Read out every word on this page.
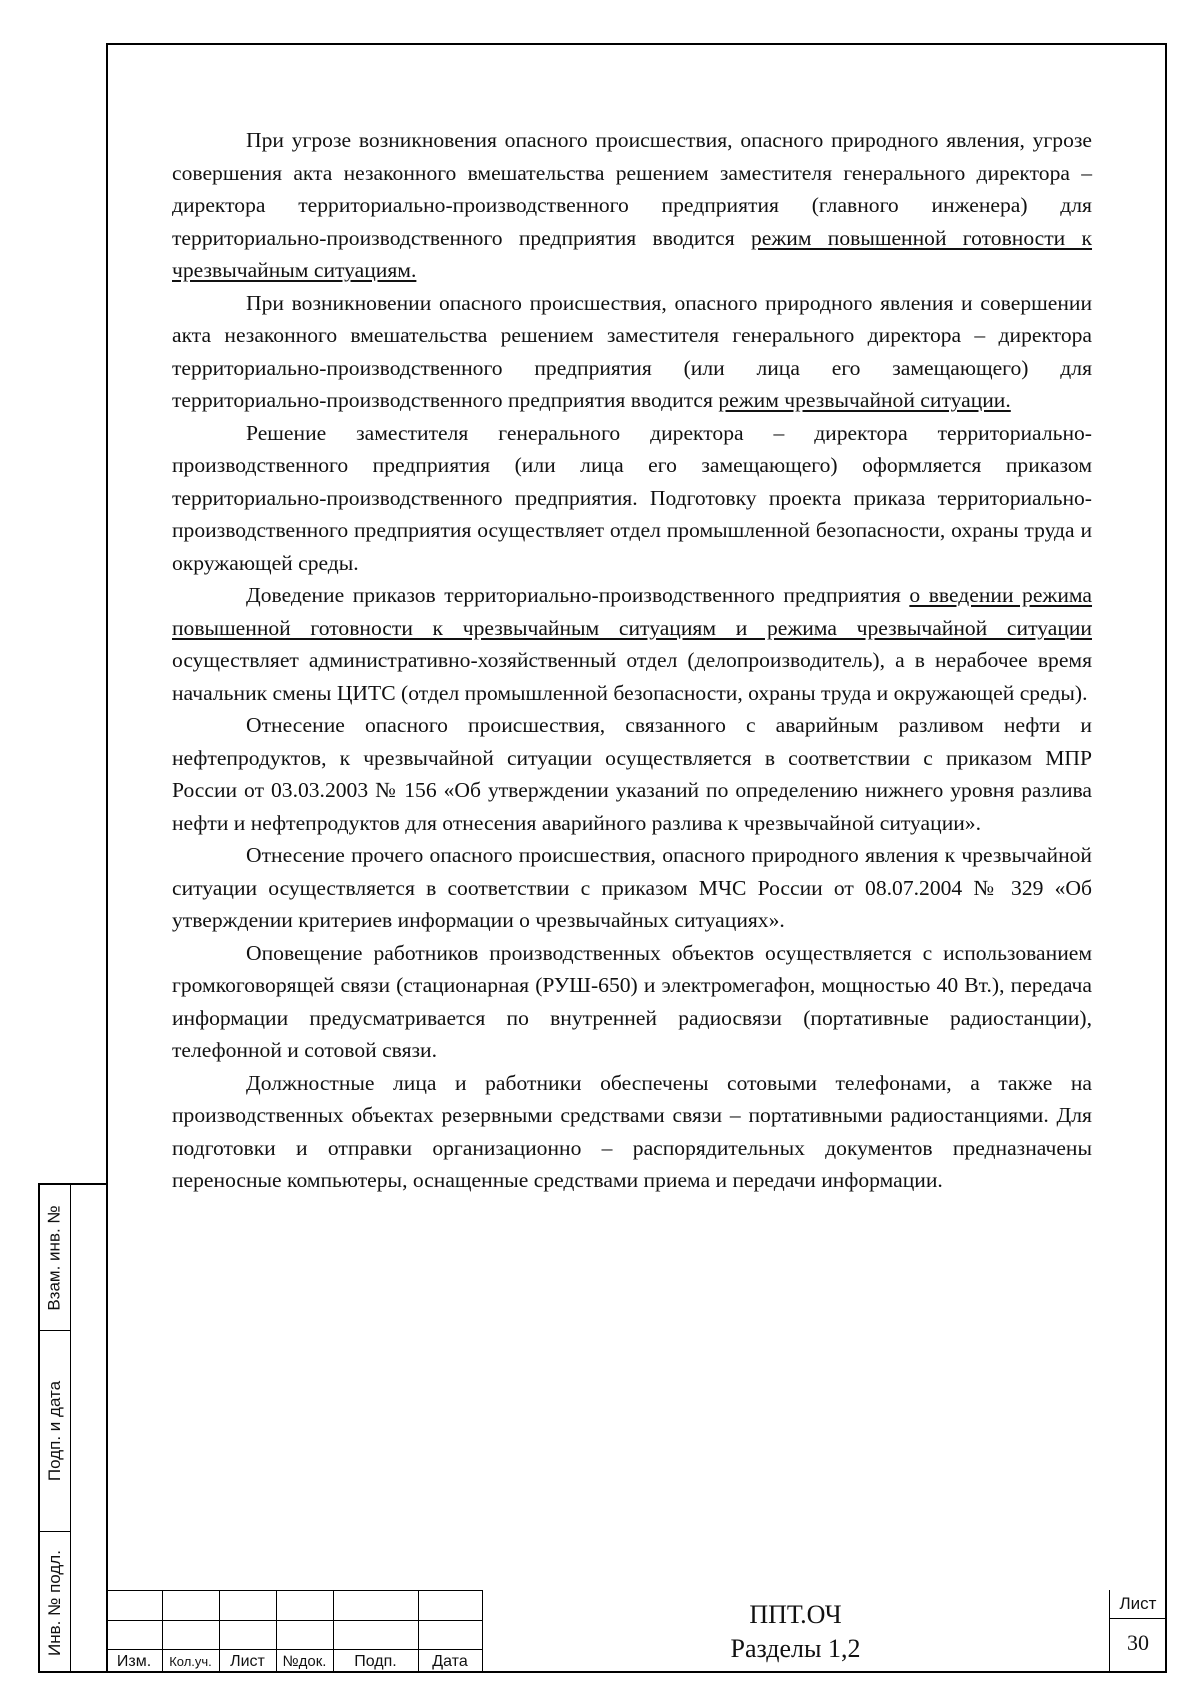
При угрозе возникновения опасного происшествия, опасного природного явления, угрозе совершения акта незаконного вмешательства решением заместителя генерального директора – директора территориально-производственного предприятия (главного инженера) для территориально-производственного предприятия вводится режим повышенной готовности к чрезвычайным ситуациям.

При возникновении опасного происшествия, опасного природного явления и совершении акта незаконного вмешательства решением заместителя генерального директора – директора территориально-производственного предприятия (или лица его замещающего) для территориально-производственного предприятия вводится режим чрезвычайной ситуации.

Решение заместителя генерального директора – директора территориально-производственного предприятия (или лица его замещающего) оформляется приказом территориально-производственного предприятия. Подготовку проекта приказа территориально-производственного предприятия осуществляет отдел промышленной безопасности, охраны труда и окружающей среды.

Доведение приказов территориально-производственного предприятия о введении режима повышенной готовности к чрезвычайным ситуациям и режима чрезвычайной ситуации осуществляет административно-хозяйственный отдел (делопроизводитель), а в нерабочее время начальник смены ЦИТС (отдел промышленной безопасности, охраны труда и окружающей среды).

Отнесение опасного происшествия, связанного с аварийным разливом нефти и нефтепродуктов, к чрезвычайной ситуации осуществляется в соответствии с приказом МПР России от 03.03.2003 № 156 «Об утверждении указаний по определению нижнего уровня разлива нефти и нефтепродуктов для отнесения аварийного разлива к чрезвычайной ситуации».

Отнесение прочего опасного происшествия, опасного природного явления к чрезвычайной ситуации осуществляется в соответствии с приказом МЧС России от 08.07.2004 № 329 «Об утверждении критериев информации о чрезвычайных ситуациях».

Оповещение работников производственных объектов осуществляется с использованием громкоговорящей связи (стационарная (РУШ-650) и электромегафон, мощностью 40 Вт.), передача информации предусматривается по внутренней радиосвязи (портативные радиостанции), телефонной и сотовой связи.

Должностные лица и работники обеспечены сотовыми телефонами, а также на производственных объектах резервными средствами связи – портативными радиостанциями. Для подготовки и отправки организационно – распорядительных документов предназначены переносные компьютеры, оснащенные средствами приема и передачи информации.

Взам. инв. №
Подп. и дата
Инв. № подл.
Изм.	Кол.уч.	Лист	№док.	Подп.	Дата
ППТ.ОЧ
Разделы 1,2
Лист
30
